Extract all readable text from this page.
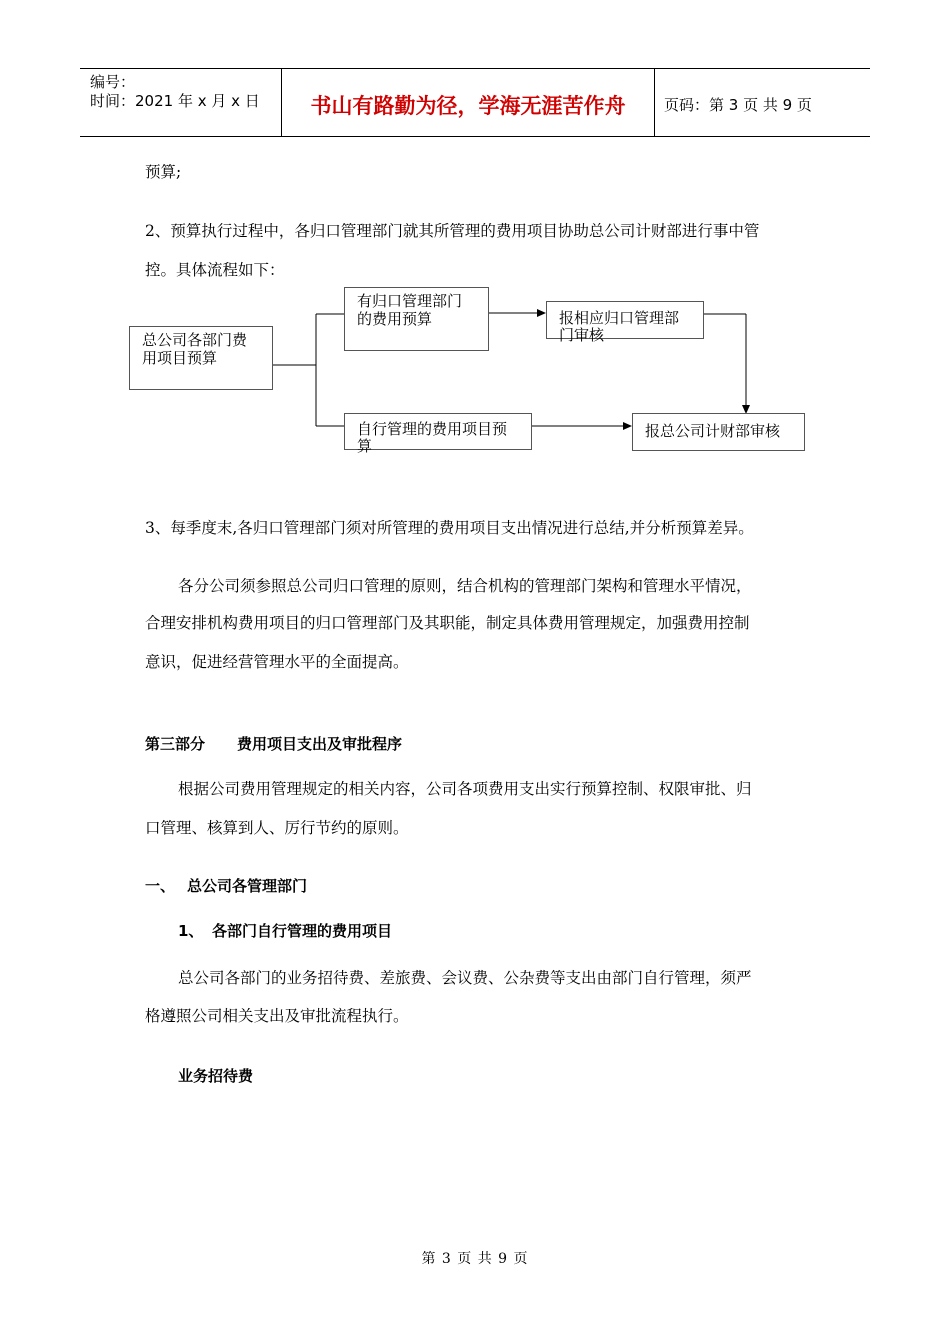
编号：
时间：2021 年 x 月 x 日	书山有路勤为径，学海无涯苦作舟	页码：第 3 页 共 9 页
预算;
2、预算执行过程中，各归口管理部门就其所管理的费用项目协助总公司计财部进行事中管
控。具体流程如下：
总公司各部门费用项目预算
有归口管理部门的费用预算	报相应归口管理部门审核
自行管理的费用项目预算
报总公司计财部审核
3、每季度末,各归口管理部门须对所管理的费用项目支出情况进行总结,并分析预算差异。
各分公司须参照总公司归口管理的原则，结合机构的管理部门架构和管理水平情况，
合理安排机构费用项目的归口管理部门及其职能，制定具体费用管理规定，加强费用控制
意识，促进经营管理水平的全面提高。
第三部分 费用项目支出及审批程序
根据公司费用管理规定的相关内容，公司各项费用支出实行预算控制、权限审批、归
口管理、核算到人、厉行节约的原则。
一、 总公司各管理部门
1、 各部门自行管理的费用项目
总公司各部门的业务招待费、差旅费、会议费、公杂费等支出由部门自行管理，须严
格遵照公司相关支出及审批流程执行。
业务招待费
第 3 页 共 9 页
